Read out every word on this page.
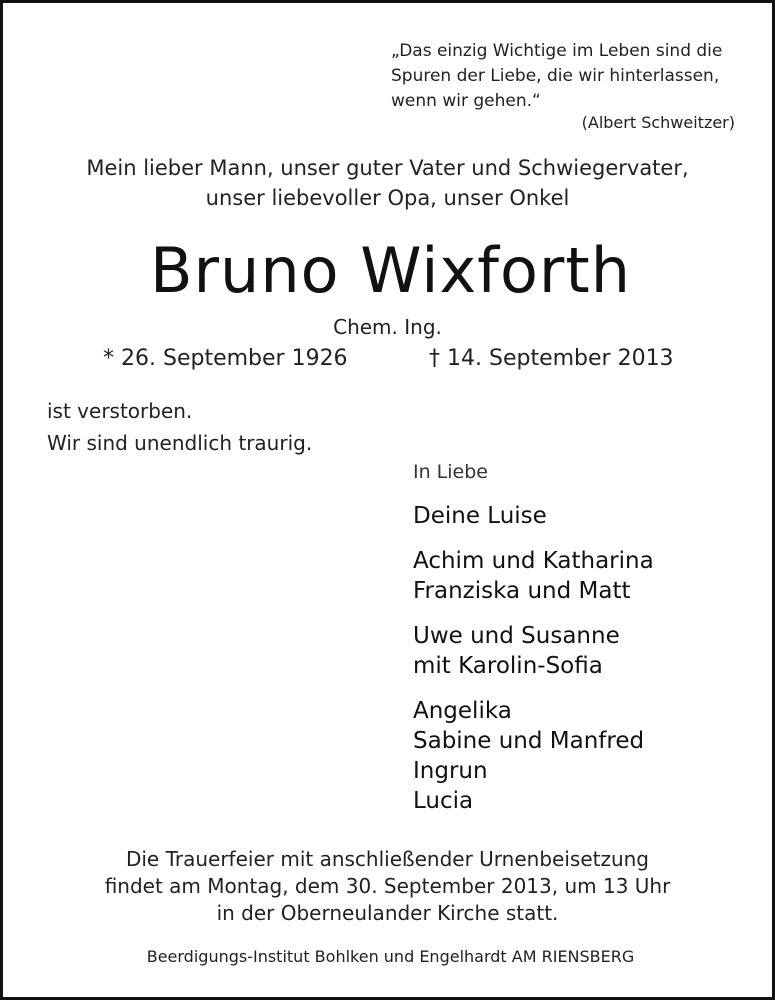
„Das einzig Wichtige im Leben sind die
Spuren der Liebe, die wir hinterlassen,
wenn wir gehen.“
(Albert Schweitzer)
Mein lieber Mann, unser guter Vater und Schwiegervater,
unser liebevoller Opa, unser Onkel
Bruno Wixforth
Chem. Ing.
* 26. September 1926	† 14. September 2013
ist verstorben.
Wir sind unendlich traurig.
In Liebe
Deine Luise
Achim und Katharina
Franziska und Matt
Uwe und Susanne
mit Karolin-Sofia
Angelika
Sabine und Manfred
Ingrun
Lucia
Die Trauerfeier mit anschließender Urnenbeisetzung
findet am Montag, dem 30. September 2013, um 13 Uhr
in der Oberneulander Kirche statt.
Beerdigungs-Institut Bohlken und Engelhardt AM RIENSBERG
